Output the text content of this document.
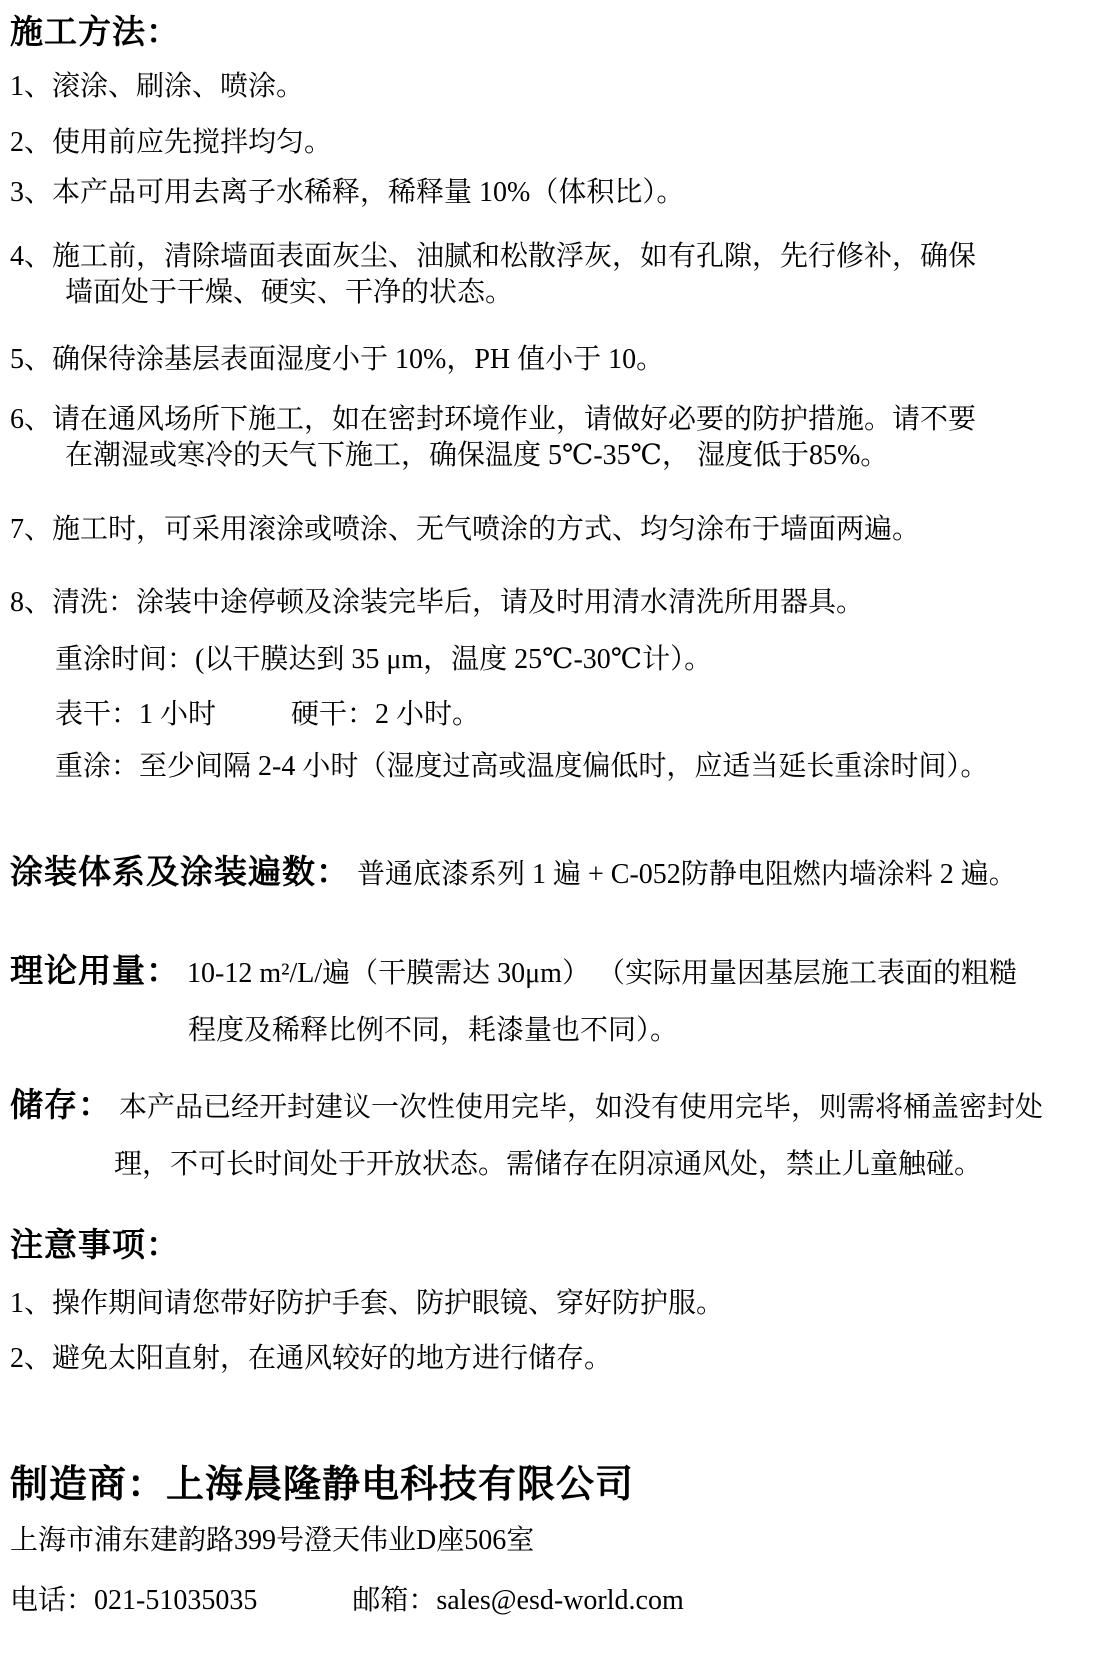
施工方法：

1、滚涂、刷涂、喷涂。

2、使用前应先搅拌均匀。

3、本产品可用去离子水稀释，稀释量 10%（体积比）。

4、施工前，清除墙面表面灰尘、油腻和松散浮灰，如有孔隙，先行修补，确保
墙面处于干燥、硬实、干净的状态。

5、确保待涂基层表面湿度小于 10%，PH 值小于 10。

6、请在通风场所下施工，如在密封环境作业，请做好必要的防护措施。请不要
在潮湿或寒冷的天气下施工，确保温度 5℃-35℃， 湿度低于85%。

7、施工时，可采用滚涂或喷涂、无气喷涂的方式、均匀涂布于墙面两遍。

8、清洗：涂装中途停顿及涂装完毕后，请及时用清水清洗所用器具。

重涂时间：(以干膜达到 35 μm，温度 25℃-30℃计）。

表干：1 小时	硬干：2 小时。

重涂：至少间隔 2-4 小时（湿度过高或温度偏低时，应适当延长重涂时间）。

涂装体系及涂装遍数： 普通底漆系列 1 遍 + C-052防静电阻燃内墙涂料 2 遍。

理论用量： 10-12 m²/L/遍（干膜需达 30μm） （实际用量因基层施工表面的粗糙

程度及稀释比例不同，耗漆量也不同）。

储存： 本产品已经开封建议一次性使用完毕，如没有使用完毕，则需将桶盖密封处

理，不可长时间处于开放状态。需储存在阴凉通风处，禁止儿童触碰。

注意事项：

1、操作期间请您带好防护手套、防护眼镜、穿好防护服。

2、避免太阳直射，在通风较好的地方进行储存。

制造商：上海晨隆静电科技有限公司

上海市浦东建韵路399号澄天伟业D座506室

电话：021-51035035	邮箱：sales@esd-world.com
